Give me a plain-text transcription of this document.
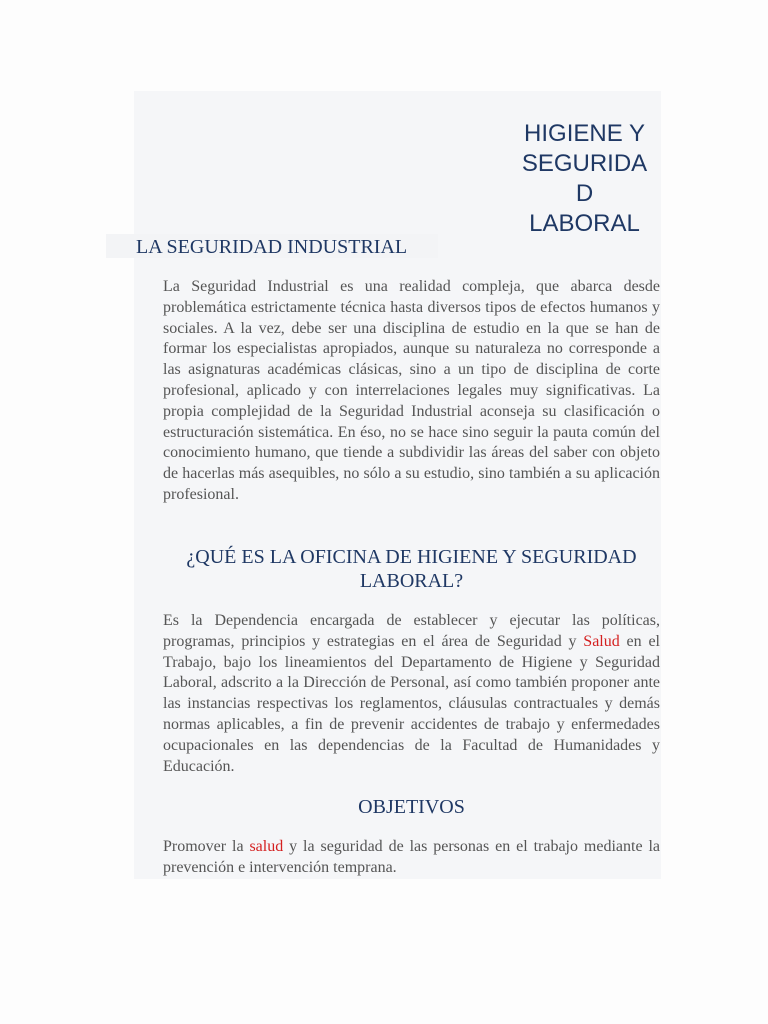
HIGIENE Y
SEGURIDA
D
LABORAL
LA SEGURIDAD INDUSTRIAL

La Seguridad Industrial es una realidad compleja, que abarca desde problemática estrictamente técnica hasta diversos tipos de efectos humanos y sociales. A la vez, debe ser una disciplina de estudio en la que se han de formar los especialistas apropiados, aunque su naturaleza no corresponde a las asignaturas académicas clásicas, sino a un tipo de disciplina de corte profesional, aplicado y con interrelaciones legales muy significativas. La propia complejidad de la Seguridad Industrial aconseja su clasificación o estructuración sistemática. En éso, no se hace sino seguir la pauta común del conocimiento humano, que tiende a subdividir las áreas del saber con objeto de hacerlas más asequibles, no sólo a su estudio, sino también a su aplicación profesional.

¿QUÉ ES LA OFICINA DE HIGIENE Y SEGURIDAD LABORAL?

Es la Dependencia encargada de establecer y ejecutar las políticas, programas, principios y estrategias en el área de Seguridad y Salud en el Trabajo, bajo los lineamientos del Departamento de Higiene y Seguridad Laboral, adscrito a la Dirección de Personal, así como también proponer ante las instancias respectivas los reglamentos, cláusulas contractuales y demás normas aplicables, a fin de prevenir accidentes de trabajo y enfermedades ocupacionales en las dependencias de la Facultad de Humanidades y Educación.

OBJETIVOS

Promover la salud y la seguridad de las personas en el trabajo mediante la prevención e intervención temprana.
